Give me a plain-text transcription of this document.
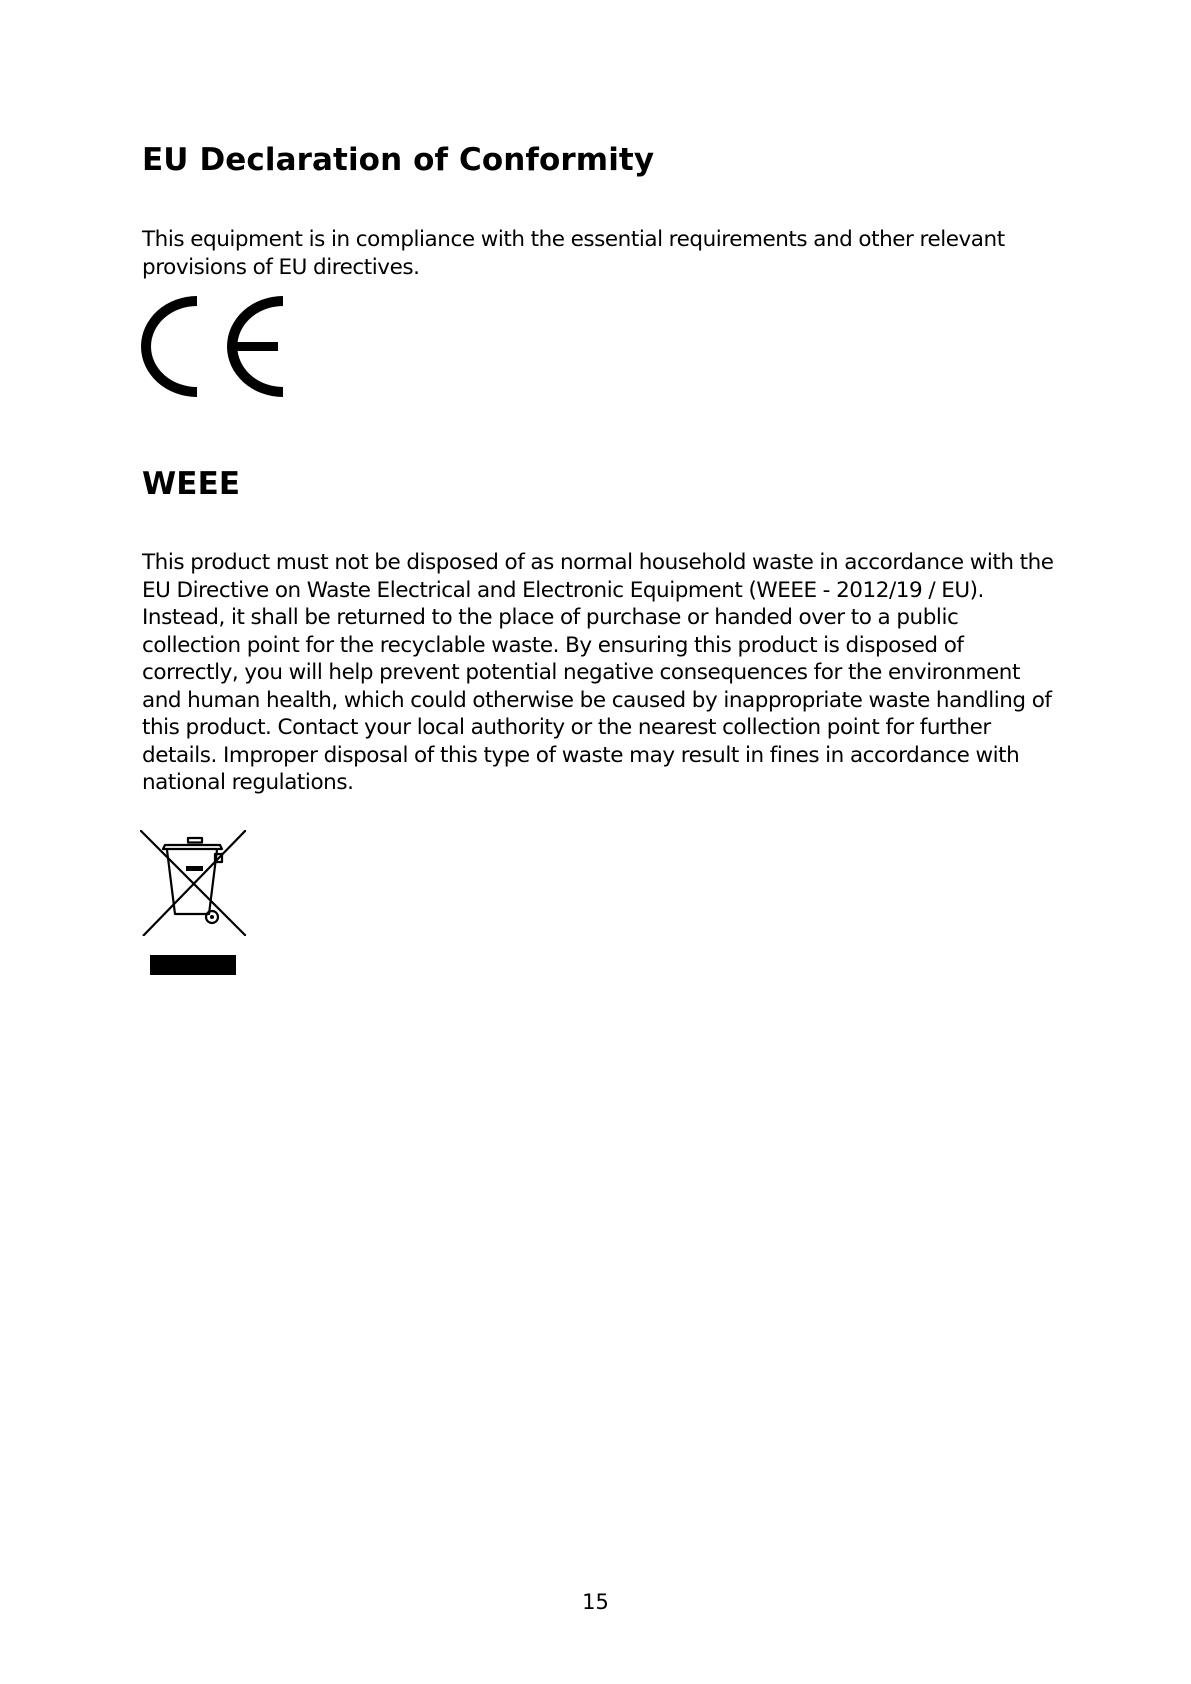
EU Declaration of Conformity

This equipment is in compliance with the essential requirements and other relevant provisions of EU directives.

WEEE

This product must not be disposed of as normal household waste in accordance with the EU Directive on Waste Electrical and Electronic Equipment (WEEE - 2012/19 / EU). Instead, it shall be returned to the place of purchase or handed over to a public collection point for the recyclable waste. By ensuring this product is disposed of correctly, you will help prevent potential negative consequences for the environment and human health, which could otherwise be caused by inappropriate waste handling of this product. Contact your local authority or the nearest collection point for further details. Improper disposal of this type of waste may result in fines in accordance with national regulations.

15
